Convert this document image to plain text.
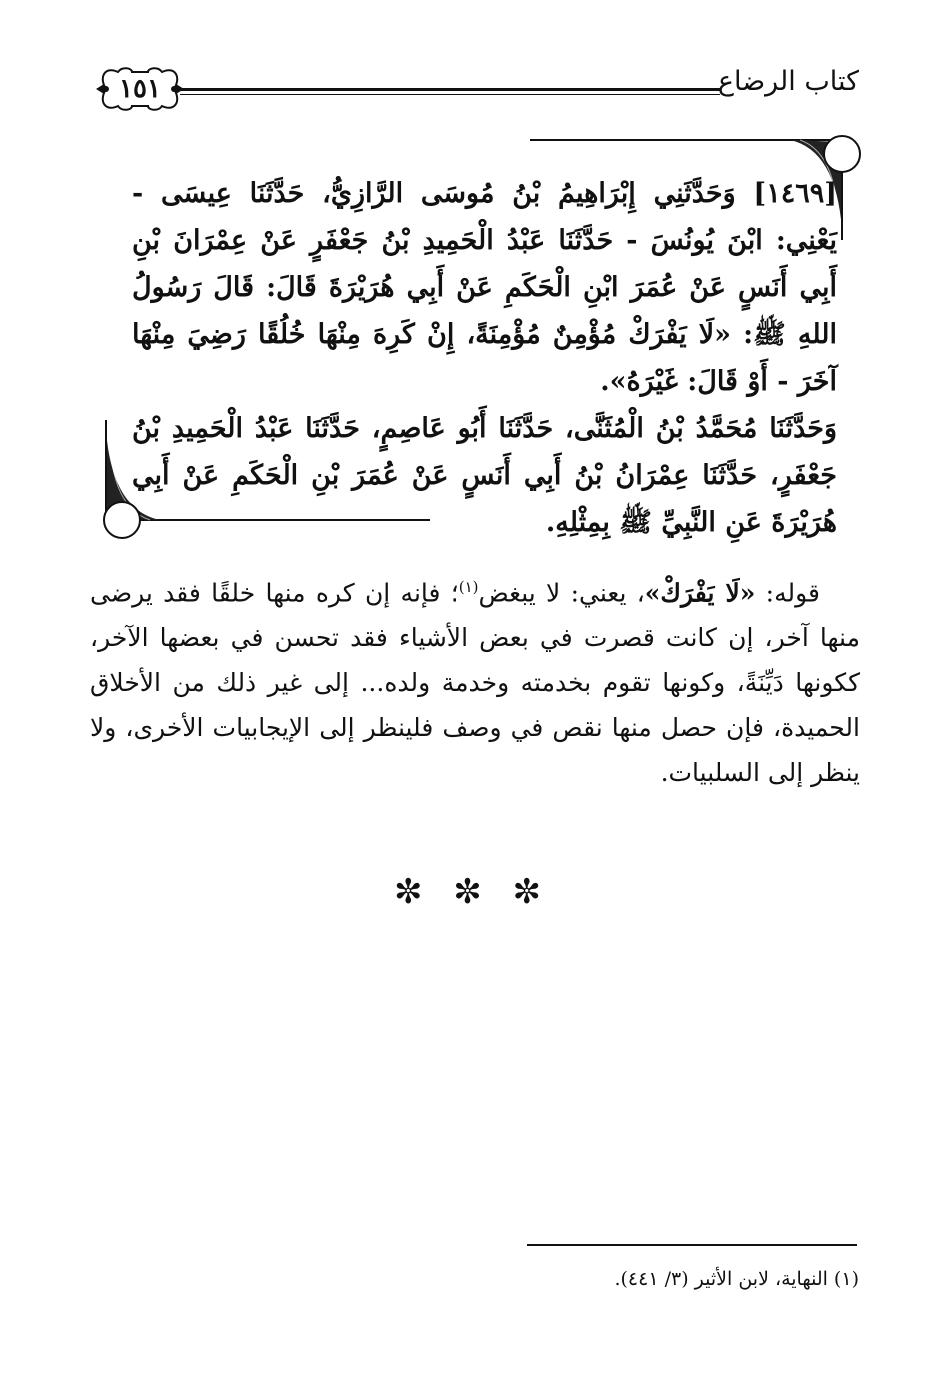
كتاب الرضاع
١٥١

[١٤٦٩] وَحَدَّثَنِي إِبْرَاهِيمُ بْنُ مُوسَى الرَّازِيُّ، حَدَّثَنَا عِيسَى - يَعْنِي: ابْنَ يُونُسَ - حَدَّثَنَا عَبْدُ الْحَمِيدِ بْنُ جَعْفَرٍ عَنْ عِمْرَانَ بْنِ أَبِي أَنَسٍ عَنْ عُمَرَ ابْنِ الْحَكَمِ عَنْ أَبِي هُرَيْرَةَ قَالَ: قَالَ رَسُولُ اللهِ ﷺ: «لَا يَفْرَكْ مُؤْمِنٌ مُؤْمِنَةً، إِنْ كَرِهَ مِنْهَا خُلُقًا رَضِيَ مِنْهَا آخَرَ - أَوْ قَالَ: غَيْرَهُ».

وَحَدَّثَنَا مُحَمَّدُ بْنُ الْمُثَنَّى، حَدَّثَنَا أَبُو عَاصِمٍ، حَدَّثَنَا عَبْدُ الْحَمِيدِ بْنُ جَعْفَرٍ، حَدَّثَنَا عِمْرَانُ بْنُ أَبِي أَنَسٍ عَنْ عُمَرَ بْنِ الْحَكَمِ عَنْ أَبِي هُرَيْرَةَ عَنِ النَّبِيِّ ﷺ بِمِثْلِهِ.

قوله: «لَا يَفْرَكْ»، يعني: لا يبغض$^{(١)}$؛ فإنه إن كره منها خلقًا فقد يرضى منها آخر، إن كانت قصرت في بعض الأشياء فقد تحسن في بعضها الآخر، ككونها دَيِّنَةً، وكونها تقوم بخدمته وخدمة ولده... إلى غير ذلك من الأخلاق الحميدة، فإن حصل منها نقص في وصف فلينظر إلى الإيجابيات الأخرى، ولا ينظر إلى السلبيات.

✼ ✼ ✼
(١) النهاية، لابن الأثير (٣/ ٤٤١).
